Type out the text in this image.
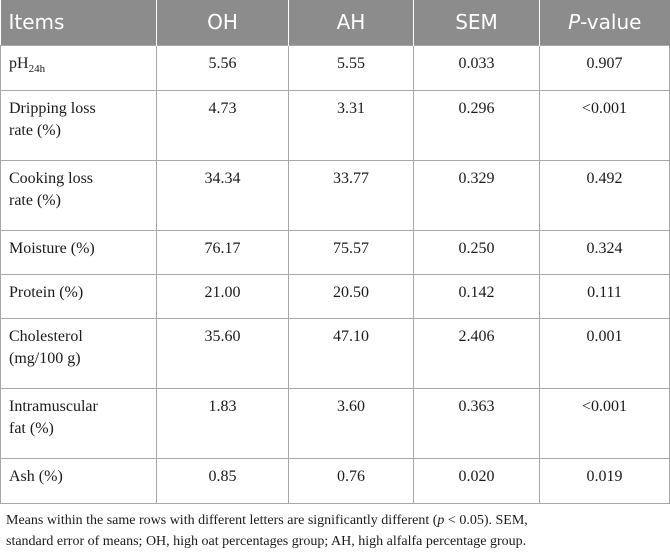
Items	OH	AH	SEM	P-value
$pH_{24h}$	5.56	5.55	0.033	0.907
Dripping loss
rate (%)	4.73	3.31	0.296	<0.001
Cooking loss
rate (%)	34.34	33.77	0.329	0.492
Moisture (%)	76.17	75.57	0.250	0.324
Protein (%)	21.00	20.50	0.142	0.111
Cholesterol
(mg/100 g)	35.60	47.10	2.406	0.001
Intramuscular
fat (%)	1.83	3.60	0.363	<0.001
Ash (%)	0.85	0.76	0.020	0.019

Means within the same rows with different letters are significantly different (p < 0.05). SEM,
standard error of means; OH, high oat percentages group; AH, high alfalfa percentage group.
